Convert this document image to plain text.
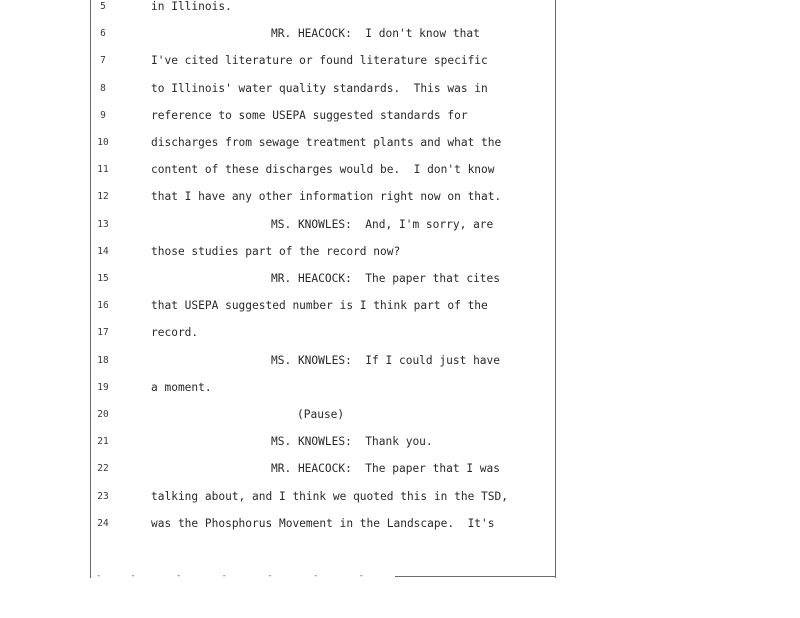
5	in Illinois.
6	MR. HEACOCK:  I don't know that
7	I've cited literature or found literature specific
8	to Illinois' water quality standards.  This was in
9	reference to some USEPA suggested standards for
10	discharges from sewage treatment plants and what the
11	content of these discharges would be.  I don't know
12	that I have any other information right now on that.
13	MS. KNOWLES:  And, I'm sorry, are
14	those studies part of the record now?
15	MR. HEACOCK:  The paper that cites
16	that USEPA suggested number is I think part of the
17	record.
18	MS. KNOWLES:  If I could just have
19	a moment.
20	(Pause)
21	MS. KNOWLES:  Thank you.
22	MR. HEACOCK:  The paper that I was
23	talking about, and I think we quoted this in the TSD,
24	was the Phosphorus Movement in the Landscape.  It's
-  -   -   -   -   -   -
